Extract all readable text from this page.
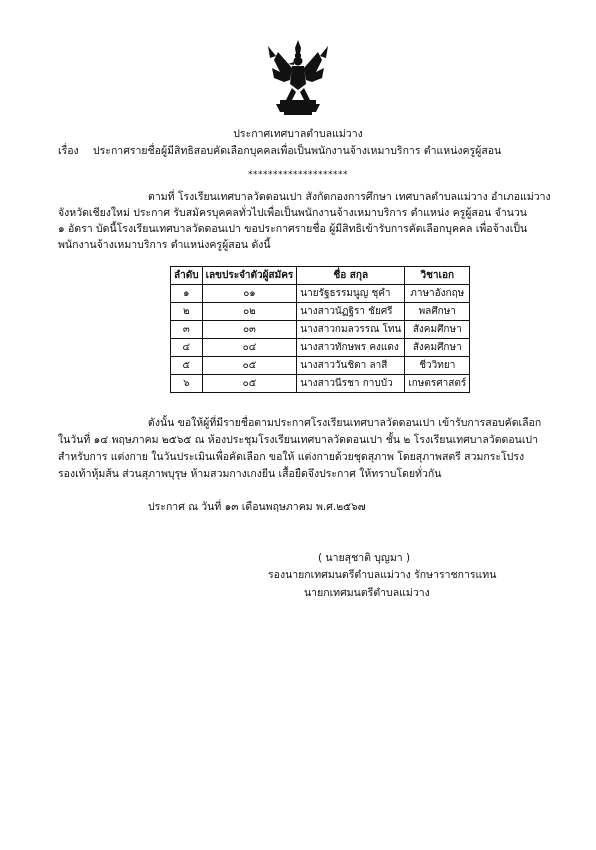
ประกาศเทศบาลตำบลแม่วาง
เรื่อง ประกาศรายชื่อผู้มีสิทธิสอบคัดเลือกบุคคลเพื่อเป็นพนักงานจ้างเหมาบริการ ตำแหน่งครูผู้สอน
********************
ตามที่ โรงเรียนเทศบาลวัดดอนเปา สังกัดกองการศึกษา เทศบาลตำบลแม่วาง อำเภอแม่วาง
จังหวัดเชียงใหม่ ประกาศ รับสมัครบุคคลทั่วไปเพื่อเป็นพนักงานจ้างเหมาบริการ ตำแหน่ง ครูผู้สอน จำนวน
๑ อัตรา บัดนี้โรงเรียนเทศบาลวัดดอนเปา ขอประกาศรายชื่อ ผู้มีสิทธิเข้ารับการคัดเลือกบุคคล เพื่อจ้างเป็น
พนักงานจ้างเหมาบริการ ตำแหน่งครูผู้สอน ดังนี้
ลำดับ	เลขประจำตัวผู้สมัคร	ชื่อ สกุล	วิชาเอก
๑	๐๑	นายรัฐธรรมนูญ ชุคำ	ภาษาอังกฤษ
๒	๐๒	นางสาวนัฏฐิรา ชัยศรี	พลศึกษา
๓	๐๓	นางสาวกมลวรรณ โทน	สังคมศึกษา
๔	๐๔	นางสาวทักษพร คงแดง	สังคมศึกษา
๕	๐๕	นางสาววันชิตา ลาสี	ชีววิทยา
๖	๐๕	นางสาวนีรชา กาบบัว	เกษตรศาสตร์
ดังนั้น ขอให้ผู้ที่มีรายชื่อตามประกาศโรงเรียนเทศบาลวัดดอนเปา เข้ารับการสอบคัดเลือก
ในวันที่ ๑๔ พฤษภาคม ๒๕๖๕ ณ ห้องประชุมโรงเรียนเทศบาลวัดดอนเปา ชั้น ๒ โรงเรียนเทศบาลวัดดอนเปา
สำหรับการ แต่งกาย ในวันประเมินเพื่อคัดเลือก ขอให้ แต่งกายด้วยชุดสุภาพ โดยสุภาพสตรี สวมกระโปรง
รองเท้าหุ้มส้น ส่วนสุภาพบุรุษ ห้ามสวมกางเกงยีน เสื้อยืดจึงประกาศ ให้ทราบโดยทั่วกัน
ประกาศ ณ วันที่ ๑๓ เดือนพฤษภาคม พ.ศ.๒๕๖๗
( นายสุชาติ บุญมา )
รองนายกเทศมนตรีตำบลแม่วาง รักษาราชการแทน
นายกเทศมนตรีตำบลแม่วาง
